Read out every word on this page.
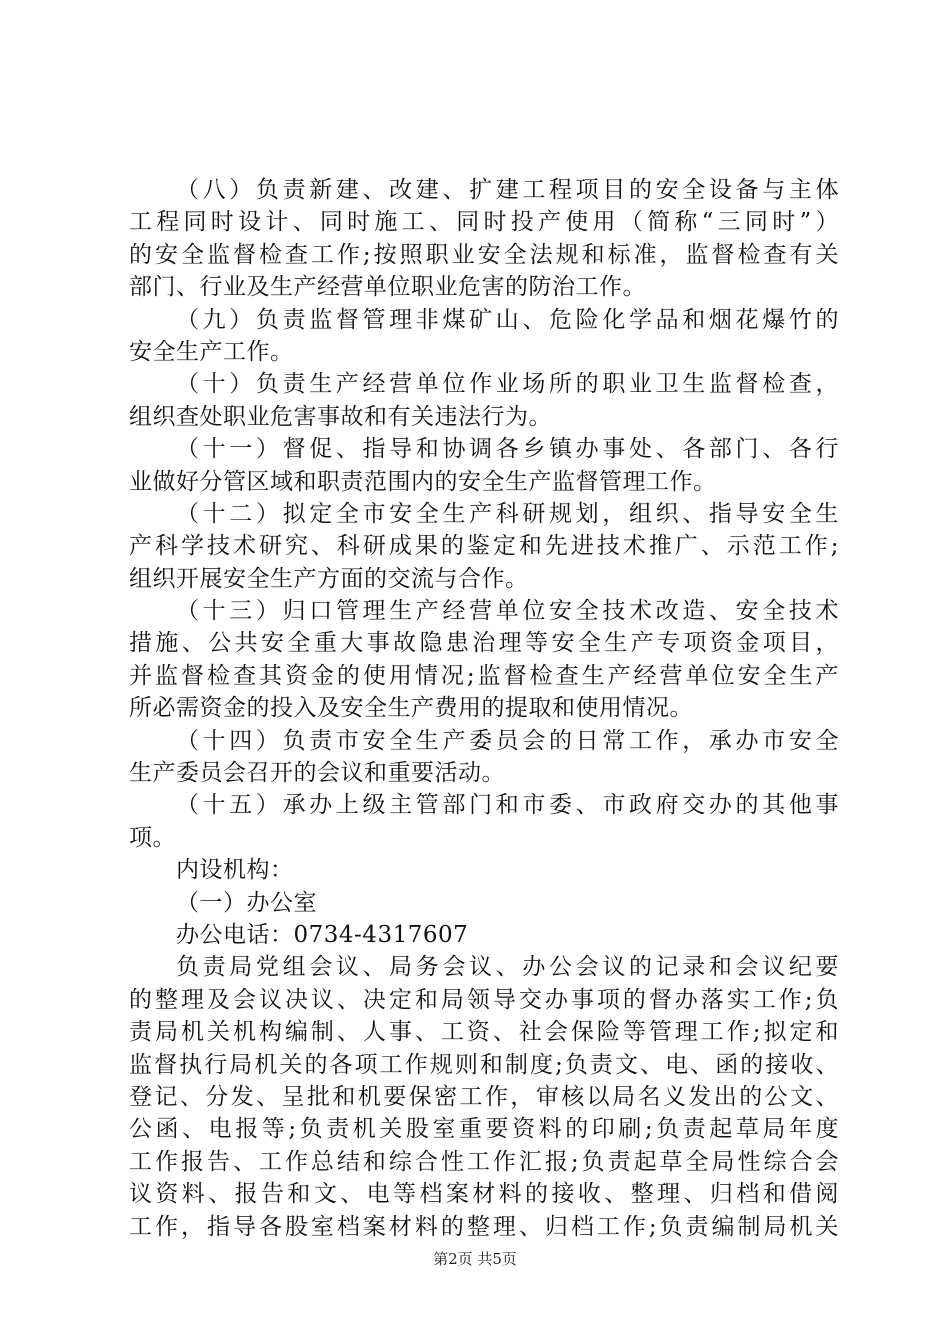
（八）负责新建、改建、扩建工程项目的安全设备与主体
工程同时设计、同时施工、同时投产使用（简称“三同时”）
的安全监督检查工作;按照职业安全法规和标准，监督检查有关
部门、行业及生产经营单位职业危害的防治工作。
（九）负责监督管理非煤矿山、危险化学品和烟花爆竹的
安全生产工作。
（十）负责生产经营单位作业场所的职业卫生监督检查，
组织查处职业危害事故和有关违法行为。
（十一）督促、指导和协调各乡镇办事处、各部门、各行
业做好分管区域和职责范围内的安全生产监督管理工作。
（十二）拟定全市安全生产科研规划，组织、指导安全生
产科学技术研究、科研成果的鉴定和先进技术推广、示范工作;
组织开展安全生产方面的交流与合作。
（十三）归口管理生产经营单位安全技术改造、安全技术
措施、公共安全重大事故隐患治理等安全生产专项资金项目，
并监督检查其资金的使用情况;监督检查生产经营单位安全生产
所必需资金的投入及安全生产费用的提取和使用情况。
（十四）负责市安全生产委员会的日常工作，承办市安全
生产委员会召开的会议和重要活动。
（十五）承办上级主管部门和市委、市政府交办的其他事
项。
内设机构：
（一）办公室
办公电话：0734-4317607
负责局党组会议、局务会议、办公会议的记录和会议纪要
的整理及会议决议、决定和局领导交办事项的督办落实工作;负
责局机关机构编制、人事、工资、社会保险等管理工作;拟定和
监督执行局机关的各项工作规则和制度;负责文、电、函的接收、
登记、分发、呈批和机要保密工作，审核以局名义发出的公文、
公函、电报等;负责机关股室重要资料的印刷;负责起草局年度
工作报告、工作总结和综合性工作汇报;负责起草全局性综合会
议资料、报告和文、电等档案材料的接收、整理、归档和借阅
工作，指导各股室档案材料的整理、归档工作;负责编制局机关
第2页 共5页
